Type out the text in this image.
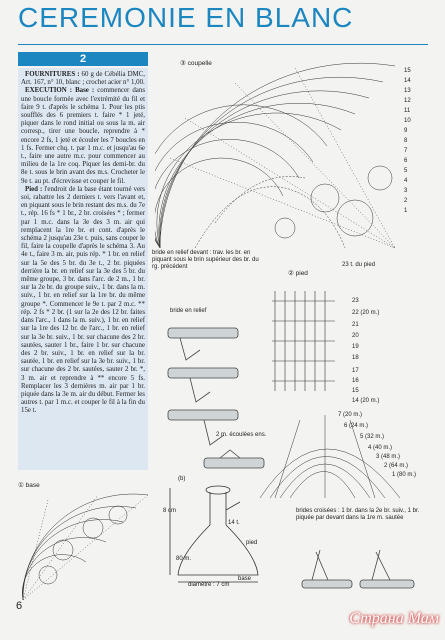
CEREMONIE EN BLANC
2

FOURNITURES : 60 g de Cébélia DMC, Art. 167, n° 10, blanc ; crochet acier n° 1,00.

EXECUTION : Base : commencer dans une boucle formée avec l'extrémité du fil et faire 9 t. d'après le schéma 1. Pour les ptis soufflés des 6 premiers t. faire * 1 jeté, piquer dans le rond initial ou sous la m. air corresp., tirer une boucle, reprendre à * encore 2 fs, 1 jeté et écouler les 7 boucles en 1 fs. Fermer chq. t. par 1 m.c. et jusqu'au 6e t., faire une autre m.c. pour commencer au milieu de la 1re coq. Piquer les demi-br. du 8e t. sous le brin avant des m.s. Crocheter le 9e t. au pt. d'écrevisse et couper le fil.

Pied : l'endroit de la base étant tourné vers soi, rabattre les 2 derniers t. vers l'avant et, en piquant sous le brin restant des m.s. du 7e t., rép. 16 fs * 1 br., 2 br. croisées * ; fermer par 1 m.c. dans la 3e des 3 m. air qui remplacent la 1re br. et cont. d'après le schéma 2 jusqu'au 23e t. puis, sans couper le fil, faire la coupelle d'après le schéma 3. Au 4e t., faire 3 m. air, puis rép. * 1 br. en relief sur la 5e des 5 br. du 3e t., 2 br. piquées derrière la br. en relief sur la 3e des 5 br. du même groupe, 3 br. dans l'arc. de 2 m., 1 br. sur la 2e br. du groupe suiv., 1 br. dans la m. suiv., 1 br. en relief sur la 1re br. du même groupe *. Commencer le 9e t. par 2 m.c. ** rép. 2 fs * 2 br. (1 sur la 2e des 12 br. faites dans l'arc., 1 dans la m. suiv.), 1 br. en relief sur la 1re des 12 br. de l'arc., 1 br. en relief sur la 3e br. suiv., 1 br. sur chacune des 2 br. sautées, sauter 1 br., faire 1 br. sur chacune des 2 br. suiv., 1 br. en relief sur la br. sautée, 1 br. en relief sur la 3e br. suiv., 1 br. sur chacune des 2 br. sautées, sauter 2 br. *, 3 m. air et reprendre à ** encore 5 fs. Remplacer les 3 dernières m. air par 1 br. piquée dans la 3e m. air du début. Fermer les autres t. par 1 m.c. et couper le fil à la fin du 15e t.

③ coupelle
23 t. du pied
bride en relief devant : trav. les br. en piquant sous le brin supérieur des br. du rg. précédent
15
14
13
12
11
10
9
8
7
6
5
4
3
2
1
② pied
23
22 (20 m.)
21
20
19
18
17
16
15
14 (20 m.)
7 (20 m.)
6 (24 m.)
5 (32 m.)
4 (40 m.)
3 (48 m.)
2 (64 m.)
1 (80 m.)
bride en relief
2 m. écoulées ens.
① base
(b)
8 cm
80 m.
14 t.
pied
base
diamètre : 7 cm
brides croisées : 1 br. dans la 2e br. suiv., 1 br. piquée par devant dans la 1re m. sautée
6
Страна Мам
